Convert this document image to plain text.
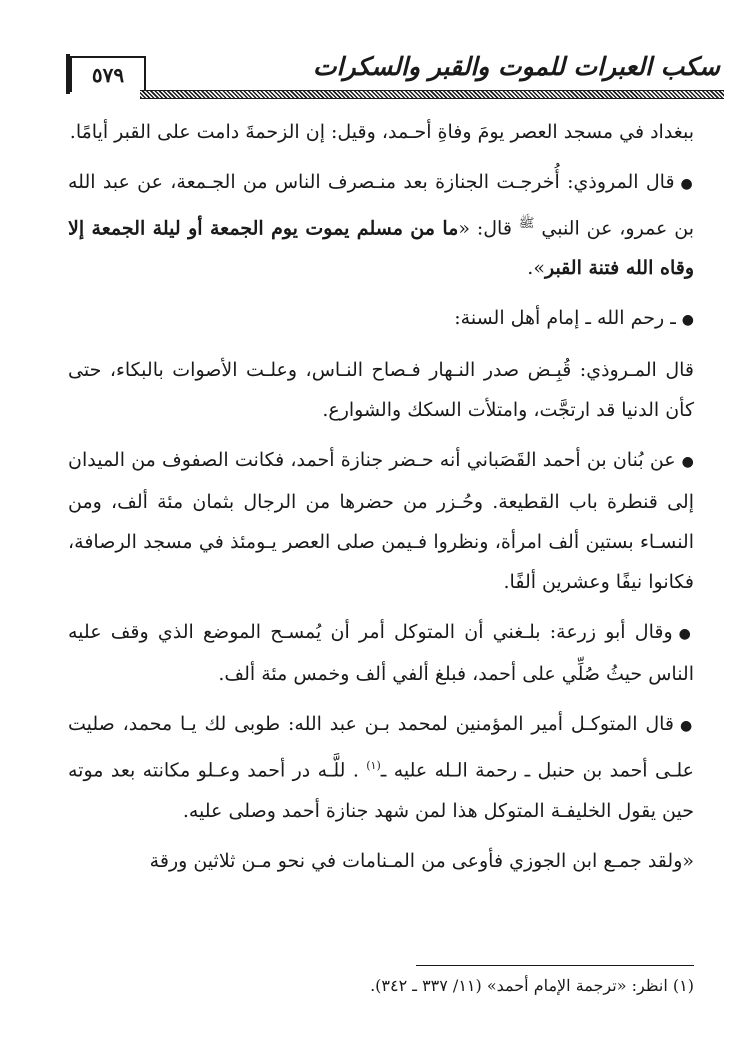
٥٧٩	سكب العبرات للموت والقبر والسكرات

ببغداد في مسجد العصر يومَ وفاةِ أحـمد، وقيل: إن الزحمةَ دامت على القبر أيامًا.

●قال المروذي: أُخرجـت الجنازة بعد منـصرف الناس من الجـمعة، عن عبد الله بن عمرو، عن النبي $^ﷺ$ قال: «ما من مسلم يموت يوم الجمعة أو ليلة الجمعة إلا وقاه الله فتنة القبر».

●ـ رحم الله ـ إمام أهل السنة:

قال المـروذي: قُبِـض صدر النـهار فـصاح النـاس، وعلـت الأصوات بالبكاء، حتى كأن الدنيا قد ارتجَّت، وامتلأت السكك والشوارع.

●عن بُنان بن أحمد القَصَباني أنه حـضر جنازة أحمد، فكانت الصفوف من الميدان إلى قنطرة باب القطيعة. وحُـزر من حضرها من الرجال بثمان مئة ألف، ومن النسـاء بستين ألف امرأة، ونظروا فـيمن صلى العصر يـومئذ في مسجد الرصافة، فكانوا نيفًا وعشرين ألفًا.

●وقال أبو زرعة: بلـغني أن المتوكل أمر أن يُمسـح الموضع الذي وقف عليه الناس حيثُ صُلِّي على أحمد، فبلغ ألفي ألف وخمس مئة ألف.

●قال المتوكـل أمير المؤمنين لمحمد بـن عبد الله: طوبى لك يـا محمد، صليت علـى أحمد بن حنبل ـ رحمة الـله عليه ـ$^{(١)}$ . للَّـه در أحمد وعـلو مكانته بعد موته حين يقول الخليفـة المتوكل هذا لمن شهد جنازة أحمد وصلى عليه.

«ولقد جمـع ابن الجوزي فأوعى من المـنامات في نحو مـن ثلاثين ورقة

(١) انظر: «ترجمة الإمام أحمد» (١١/ ٣٣٧ ـ ٣٤٢).
